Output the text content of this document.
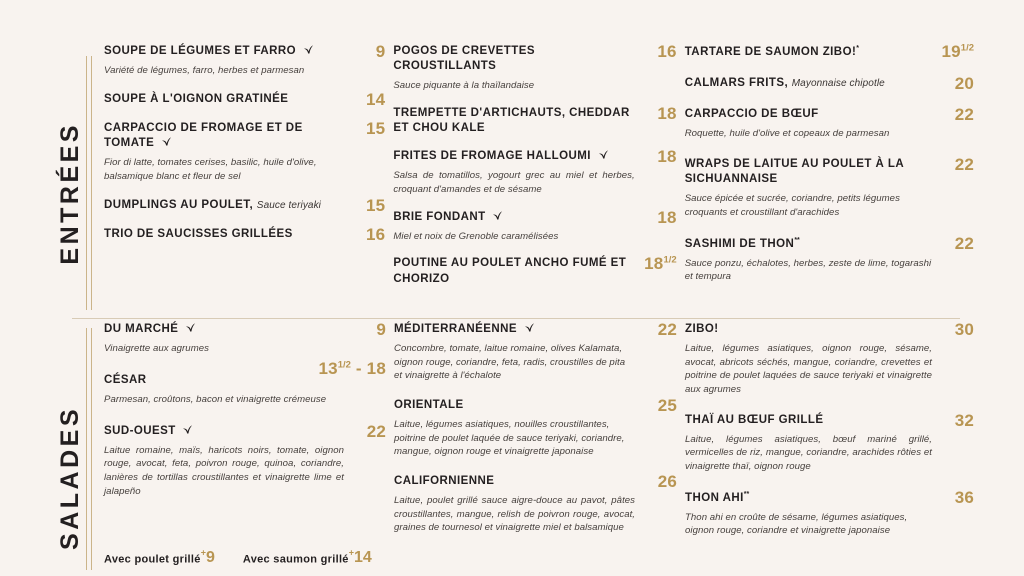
ENTRÉES
SOUPE DE LÉGUMES ET FARRO	9
Variété de légumes, farro, herbes et parmesan
SOUPE À L'OIGNON GRATINÉE	14
CARPACCIO DE FROMAGE ET DE TOMATE
15
Fior di latte, tomates cerises, basilic, huile d'olive, balsamique blanc et fleur de sel
DUMPLINGS AU POULET, Sauce teriyaki	15
TRIO DE SAUCISSES GRILLÉES	16
POGOS DE CREVETTES CROUSTILLANTS
16
Sauce piquante à la thaïlandaise
TREMPETTE D'ARTICHAUTS, CHEDDAR ET CHOU KALE
18
FRITES DE FROMAGE HALLOUMI	18
Salsa de tomatillos, yogourt grec au miel et herbes, croquant d'amandes et de sésame
BRIE FONDANT	18
Miel et noix de Grenoble caramélisées
POUTINE AU POULET ANCHO FUMÉ ET CHORIZO
$18^{1/2}$
TARTARE DE SAUMON ZIBO!*	$19^{1/2}$
CALMARS FRITS, Mayonnaise chipotle	20
CARPACCIO DE BŒUF	22
Roquette, huile d'olive et copeaux de parmesan
WRAPS DE LAITUE AU POULET À LA SICHUANNAISE
22
Sauce épicée et sucrée, coriandre, petits légumes croquants et croustillant d'arachides
SASHIMI DE THON**	22
Sauce ponzu, échalotes, herbes, zeste de lime, togarashi et tempura
SALADES
DU MARCHÉ	9
Vinaigrette aux agrumes
CÉSAR
$13^{1/2} - 18$
Parmesan, croûtons, bacon et vinaigrette crémeuse
SUD-OUEST	22
Laitue romaine, maïs, haricots noirs, tomate, oignon rouge, avocat, feta, poivron rouge, quinoa, coriandre, lanières de tortillas croustillantes et vinaigrette lime et jalapeño
MÉDITERRANÉENNE	22
Concombre, tomate, laitue romaine, olives Kalamata, oignon rouge, coriandre, feta, radis, croustilles de pita et vinaigrette à l'échalote
ORIENTALE	25
Laitue, légumes asiatiques, nouilles croustillantes, poitrine de poulet laquée de sauce teriyaki, coriandre, mangue, oignon rouge et vinaigrette japonaise
CALIFORNIENNE	26
Laitue, poulet grillé sauce aigre-douce au pavot, pâtes croustillantes, mangue, relish de poivron rouge, avocat, graines de tournesol et vinaigrette miel et balsamique
ZIBO!	30
Laitue, légumes asiatiques, oignon rouge, sésame, avocat, abricots séchés, mangue, coriandre, crevettes et poitrine de poulet laquées de sauce teriyaki et vinaigrette aux agrumes
THAÏ AU BŒUF GRILLÉ	32
Laitue, légumes asiatiques, bœuf mariné grillé, vermicelles de riz, mangue, coriandre, arachides rôties et vinaigrette thaï, oignon rouge
THON AHI**	36
Thon ahi en croûte de sésame, légumes asiatiques, oignon rouge, coriandre et vinaigrette japonaise
Avec poulet grillé+9	Avec saumon grillé+14
